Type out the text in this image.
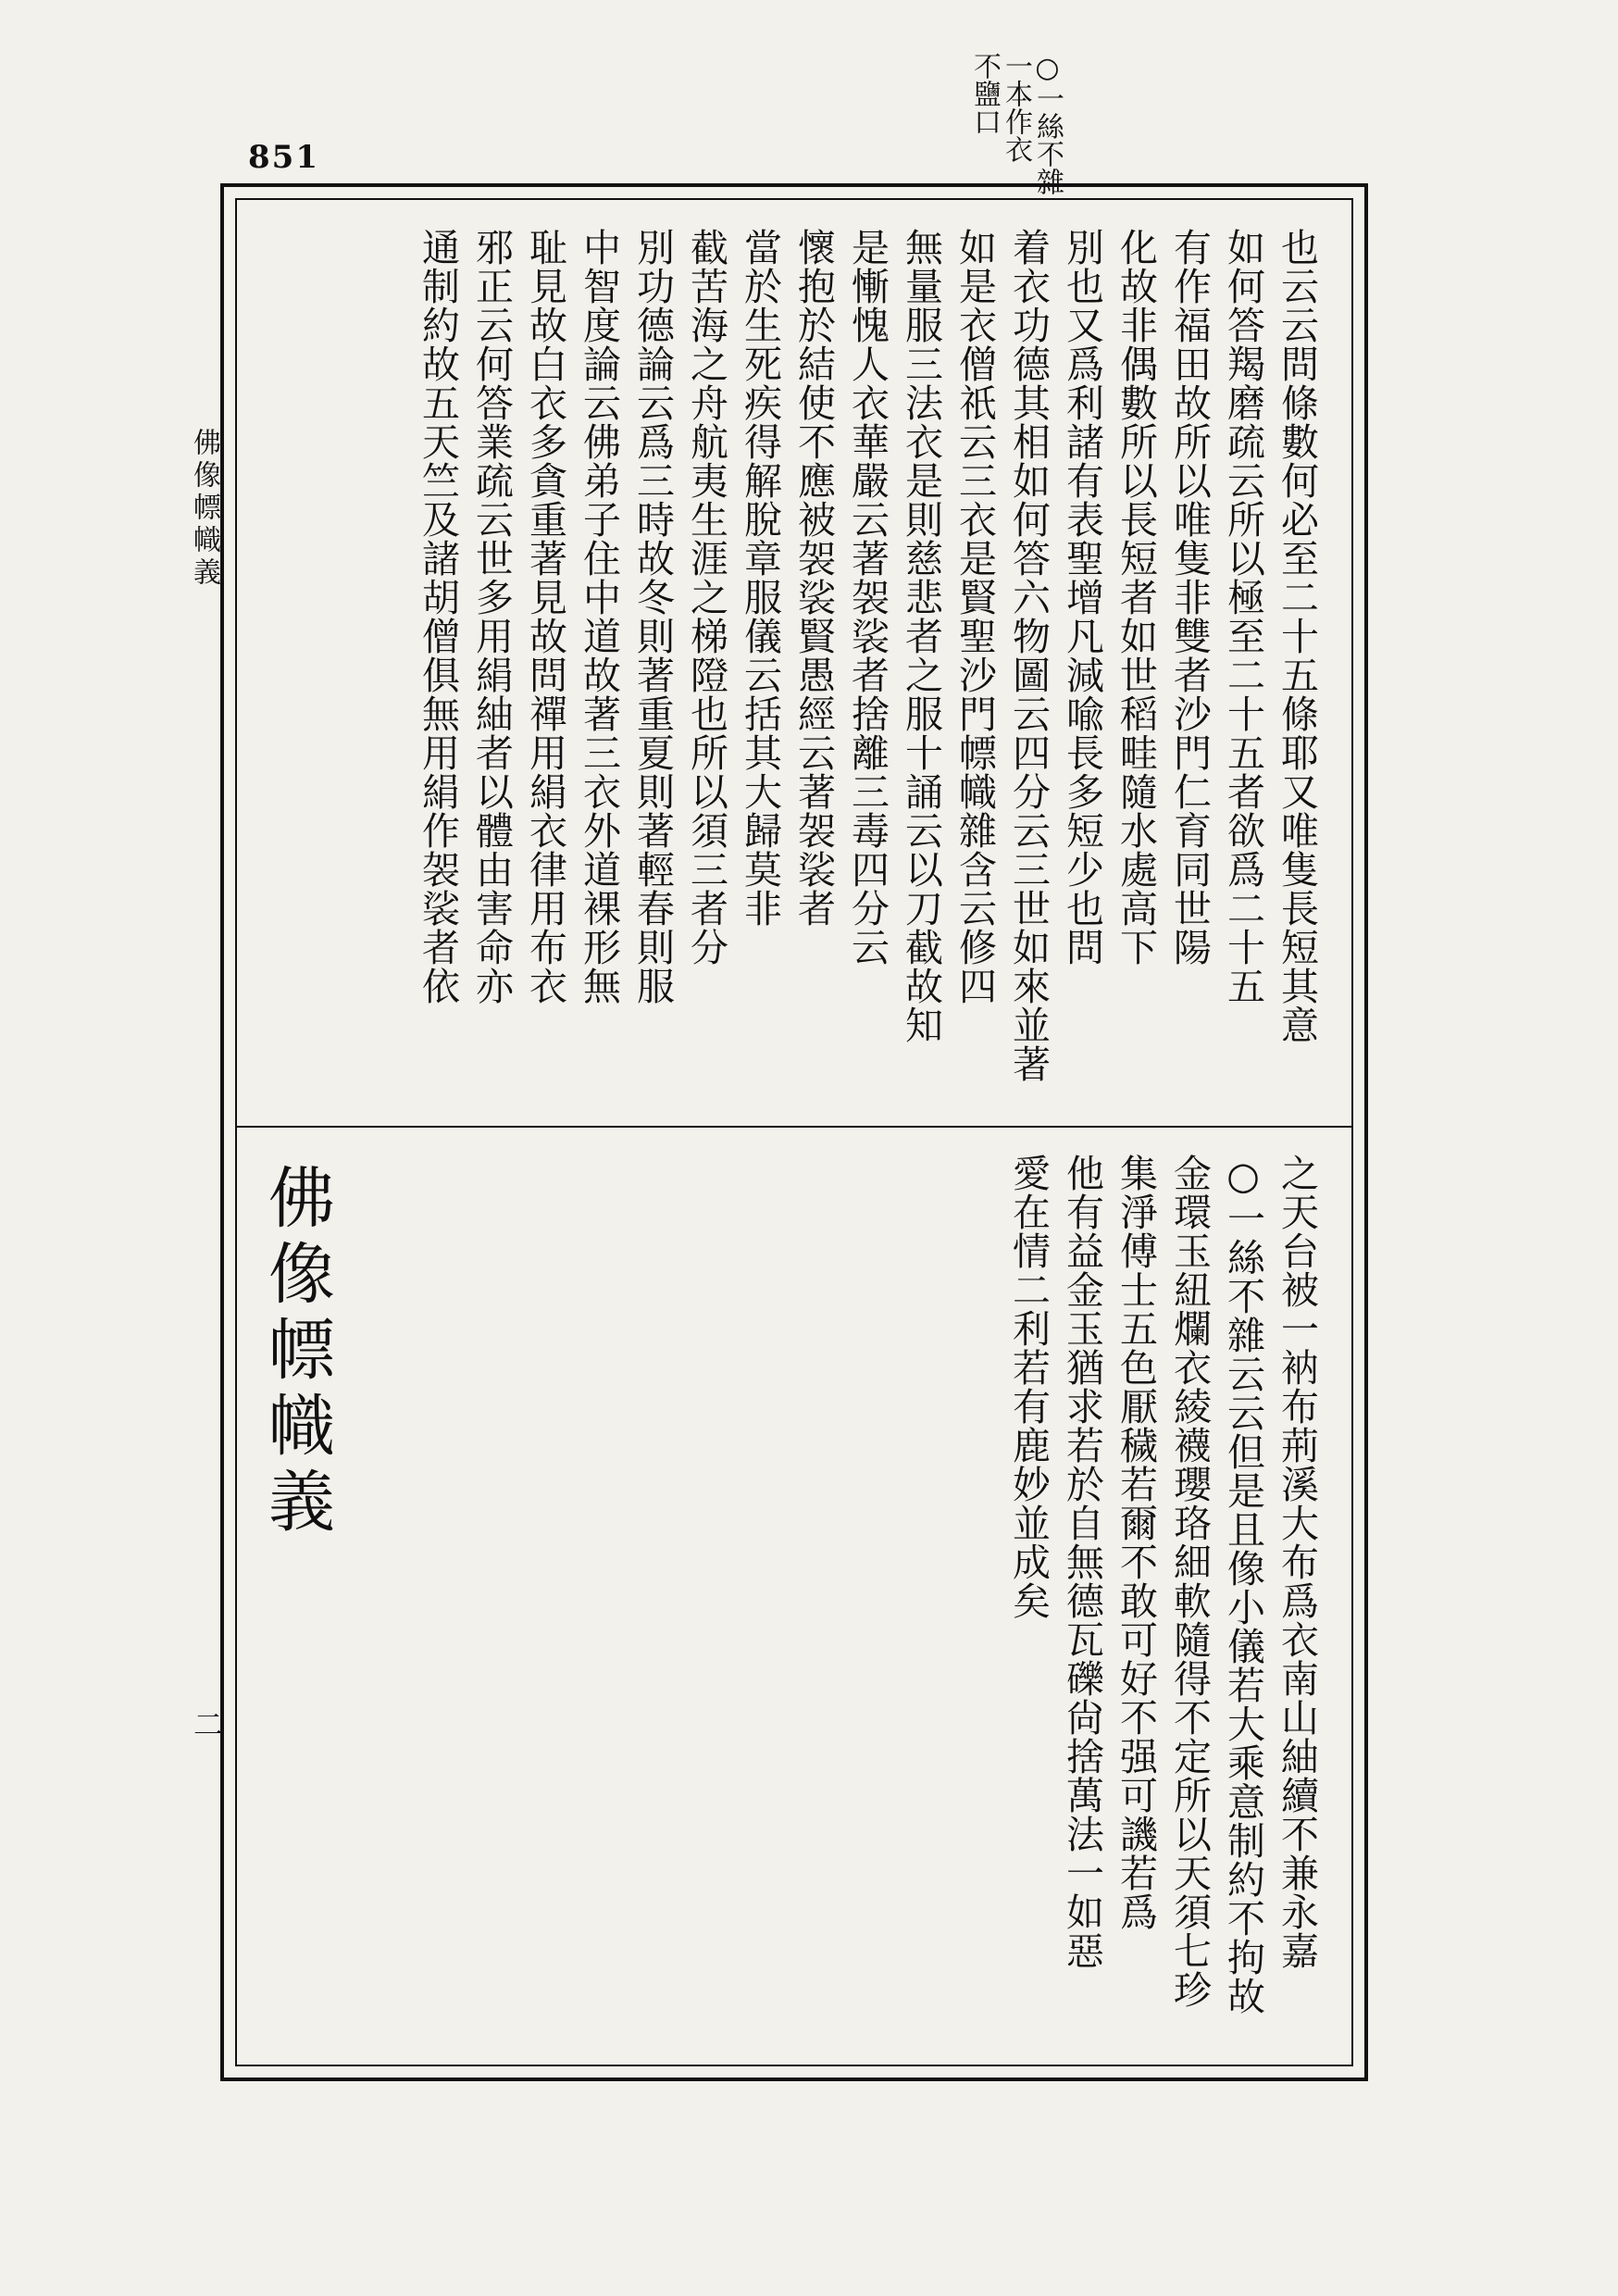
851	○一絲不雜
一本作衣
不鹽口
佛像幖幟義
二

也云云問條數何必至二十五條耶又唯隻長短其意

如何答羯磨疏云所以極至二十五者欲爲二十五

有作福田故所以唯隻非雙者沙門仁育同世陽

化故非偶數所以長短者如世稻畦隨水處高下

別也又爲利諸有表聖增凡減喩長多短少也問

着衣功德其相如何答六物圖云四分云三世如來並著

如是衣僧祇云三衣是賢聖沙門幖幟雜含云修四

無量服三法衣是則慈悲者之服十誦云以刀截故知

是慚愧人衣華嚴云著袈裟者捨離三毒四分云

懷抱於結使不應被袈裟賢愚經云著袈裟者

當於生死疾得解脫章服儀云括其大歸莫非

截苦海之舟航夷生涯之梯隥也所以須三者分

別功德論云爲三時故冬則著重夏則著輕春則服

中智度論云佛弟子住中道故著三衣外道裸形無

耻見故白衣多貪重著見故問禪用絹衣律用布衣

邪正云何答業疏云世多用絹紬者以體由害命亦

通制約故五天竺及諸胡僧俱無用絹作袈裟者依

之天台被一衲布荊溪大布爲衣南山紬續不兼永嘉

○一絲不雜云云但是且像小儀若大乘意制約不拘故

金環玉紐爛衣綾襪瓔珞細軟隨得不定所以天須七珍

集淨傅士五色厭穢若爾不敢可好不强可譏若爲

他有益金玉猶求若於自無德瓦礫尙捨萬法一如惡

愛在情二利若有鹿妙並成矣

佛像幖幟義
